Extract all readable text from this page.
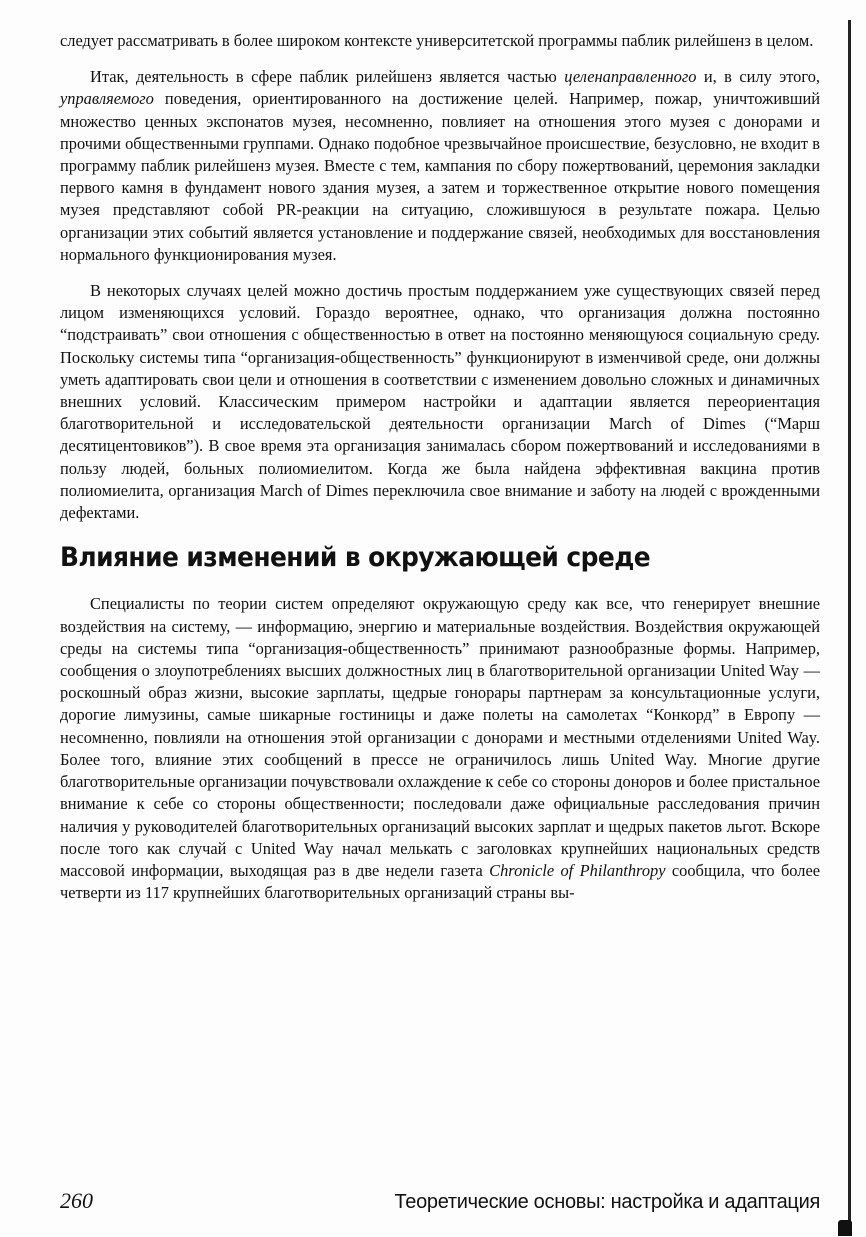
следует рассматривать в более широком контексте университетской программы паблик рилейшенз в целом.

Итак, деятельность в сфере паблик рилейшенз является частью целенаправленного и, в силу этого, управляемого поведения, ориентированного на достижение целей. Например, пожар, уничтоживший множество ценных экспонатов музея, несомненно, повлияет на отношения этого музея с донорами и прочими общественными группами. Однако подобное чрезвычайное происшествие, безусловно, не входит в программу паблик рилейшенз музея. Вместе с тем, кампания по сбору пожертвований, церемония закладки первого камня в фундамент нового здания музея, а затем и торжественное открытие нового помещения музея представляют собой PR-реакции на ситуацию, сложившуюся в результате пожара. Целью организации этих событий является установление и поддержание связей, необходимых для восстановления нормального функционирования музея.

В некоторых случаях целей можно достичь простым поддержанием уже существующих связей перед лицом изменяющихся условий. Гораздо вероятнее, однако, что организация должна постоянно “подстраивать” свои отношения с общественностью в ответ на постоянно меняющуюся социальную среду. Поскольку системы типа “организация-общественность” функционируют в изменчивой среде, они должны уметь адаптировать свои цели и отношения в соответствии с изменением довольно сложных и динамичных внешних условий. Классическим примером настройки и адаптации является переориентация благотворительной и исследовательской деятельности организации March of Dimes (“Марш десятицентовиков”). В свое время эта организация занималась сбором пожертвований и исследованиями в пользу людей, больных полиомиелитом. Когда же была найдена эффективная вакцина против полиомиелита, организация March of Dimes переключила свое внимание и заботу на людей с врожденными дефектами.

Влияние изменений в окружающей среде

Специалисты по теории систем определяют окружающую среду как все, что генерирует внешние воздействия на систему, — информацию, энергию и материальные воздействия. Воздействия окружающей среды на системы типа “организация-общественность” принимают разнообразные формы. Например, сообщения о злоупотреблениях высших должностных лиц в благотворительной организации United Way — роскошный образ жизни, высокие зарплаты, щедрые гонорары партнерам за консультационные услуги, дорогие лимузины, самые шикарные гостиницы и даже полеты на самолетах “Конкорд” в Европу — несомненно, повлияли на отношения этой организации с донорами и местными отделениями United Way. Более того, влияние этих сообщений в прессе не ограничилось лишь United Way. Многие другие благотворительные организации почувствовали охлаждение к себе со стороны доноров и более пристальное внимание к себе со стороны общественности; последовали даже официальные расследования причин наличия у руководителей благотворительных организаций высоких зарплат и щедрых пакетов льгот. Вскоре после того как случай с United Way начал мелькать с заголовках крупнейших национальных средств массовой информации, выходящая раз в две недели газета Chronicle of Philanthropy сообщила, что более четверти из 117 крупнейших благотворительных организаций страны вы-

260	Теоретические основы: настройка и адаптация
